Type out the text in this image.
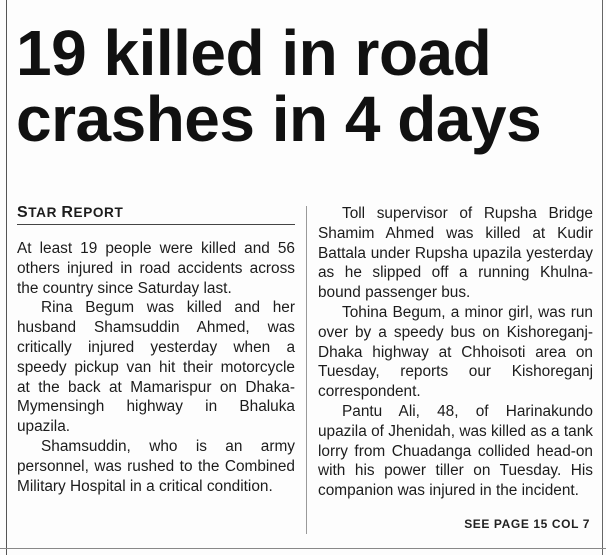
19 killed in road
crashes in 4 days
STAR REPORT

At least 19 people were killed and 56 others injured in road accidents across the country since Saturday last.

Rina Begum was killed and her husband Shamsuddin Ahmed, was critically injured yesterday when a speedy pickup van hit their motorcycle at the back at Mamarispur on Dhaka-Mymensingh highway in Bhaluka upazila.

Shamsuddin, who is an army personnel, was rushed to the Combined Military Hospital in a critical condition.

Toll supervisor of Rupsha Bridge Shamim Ahmed was killed at Kudir Battala under Rupsha upazila yesterday as he slipped off a running Khulna-bound passenger bus.

Tohina Begum, a minor girl, was run over by a speedy bus on Kishoreganj-Dhaka highway at Chhoisoti area on Tuesday, reports our Kishoreganj correspondent.

Pantu Ali, 48, of Harinakundo upazila of Jhenidah, was killed as a tank lorry from Chuadanga collided head-on with his power tiller on Tuesday. His companion was injured in the incident.

SEE PAGE 15 COL 7
